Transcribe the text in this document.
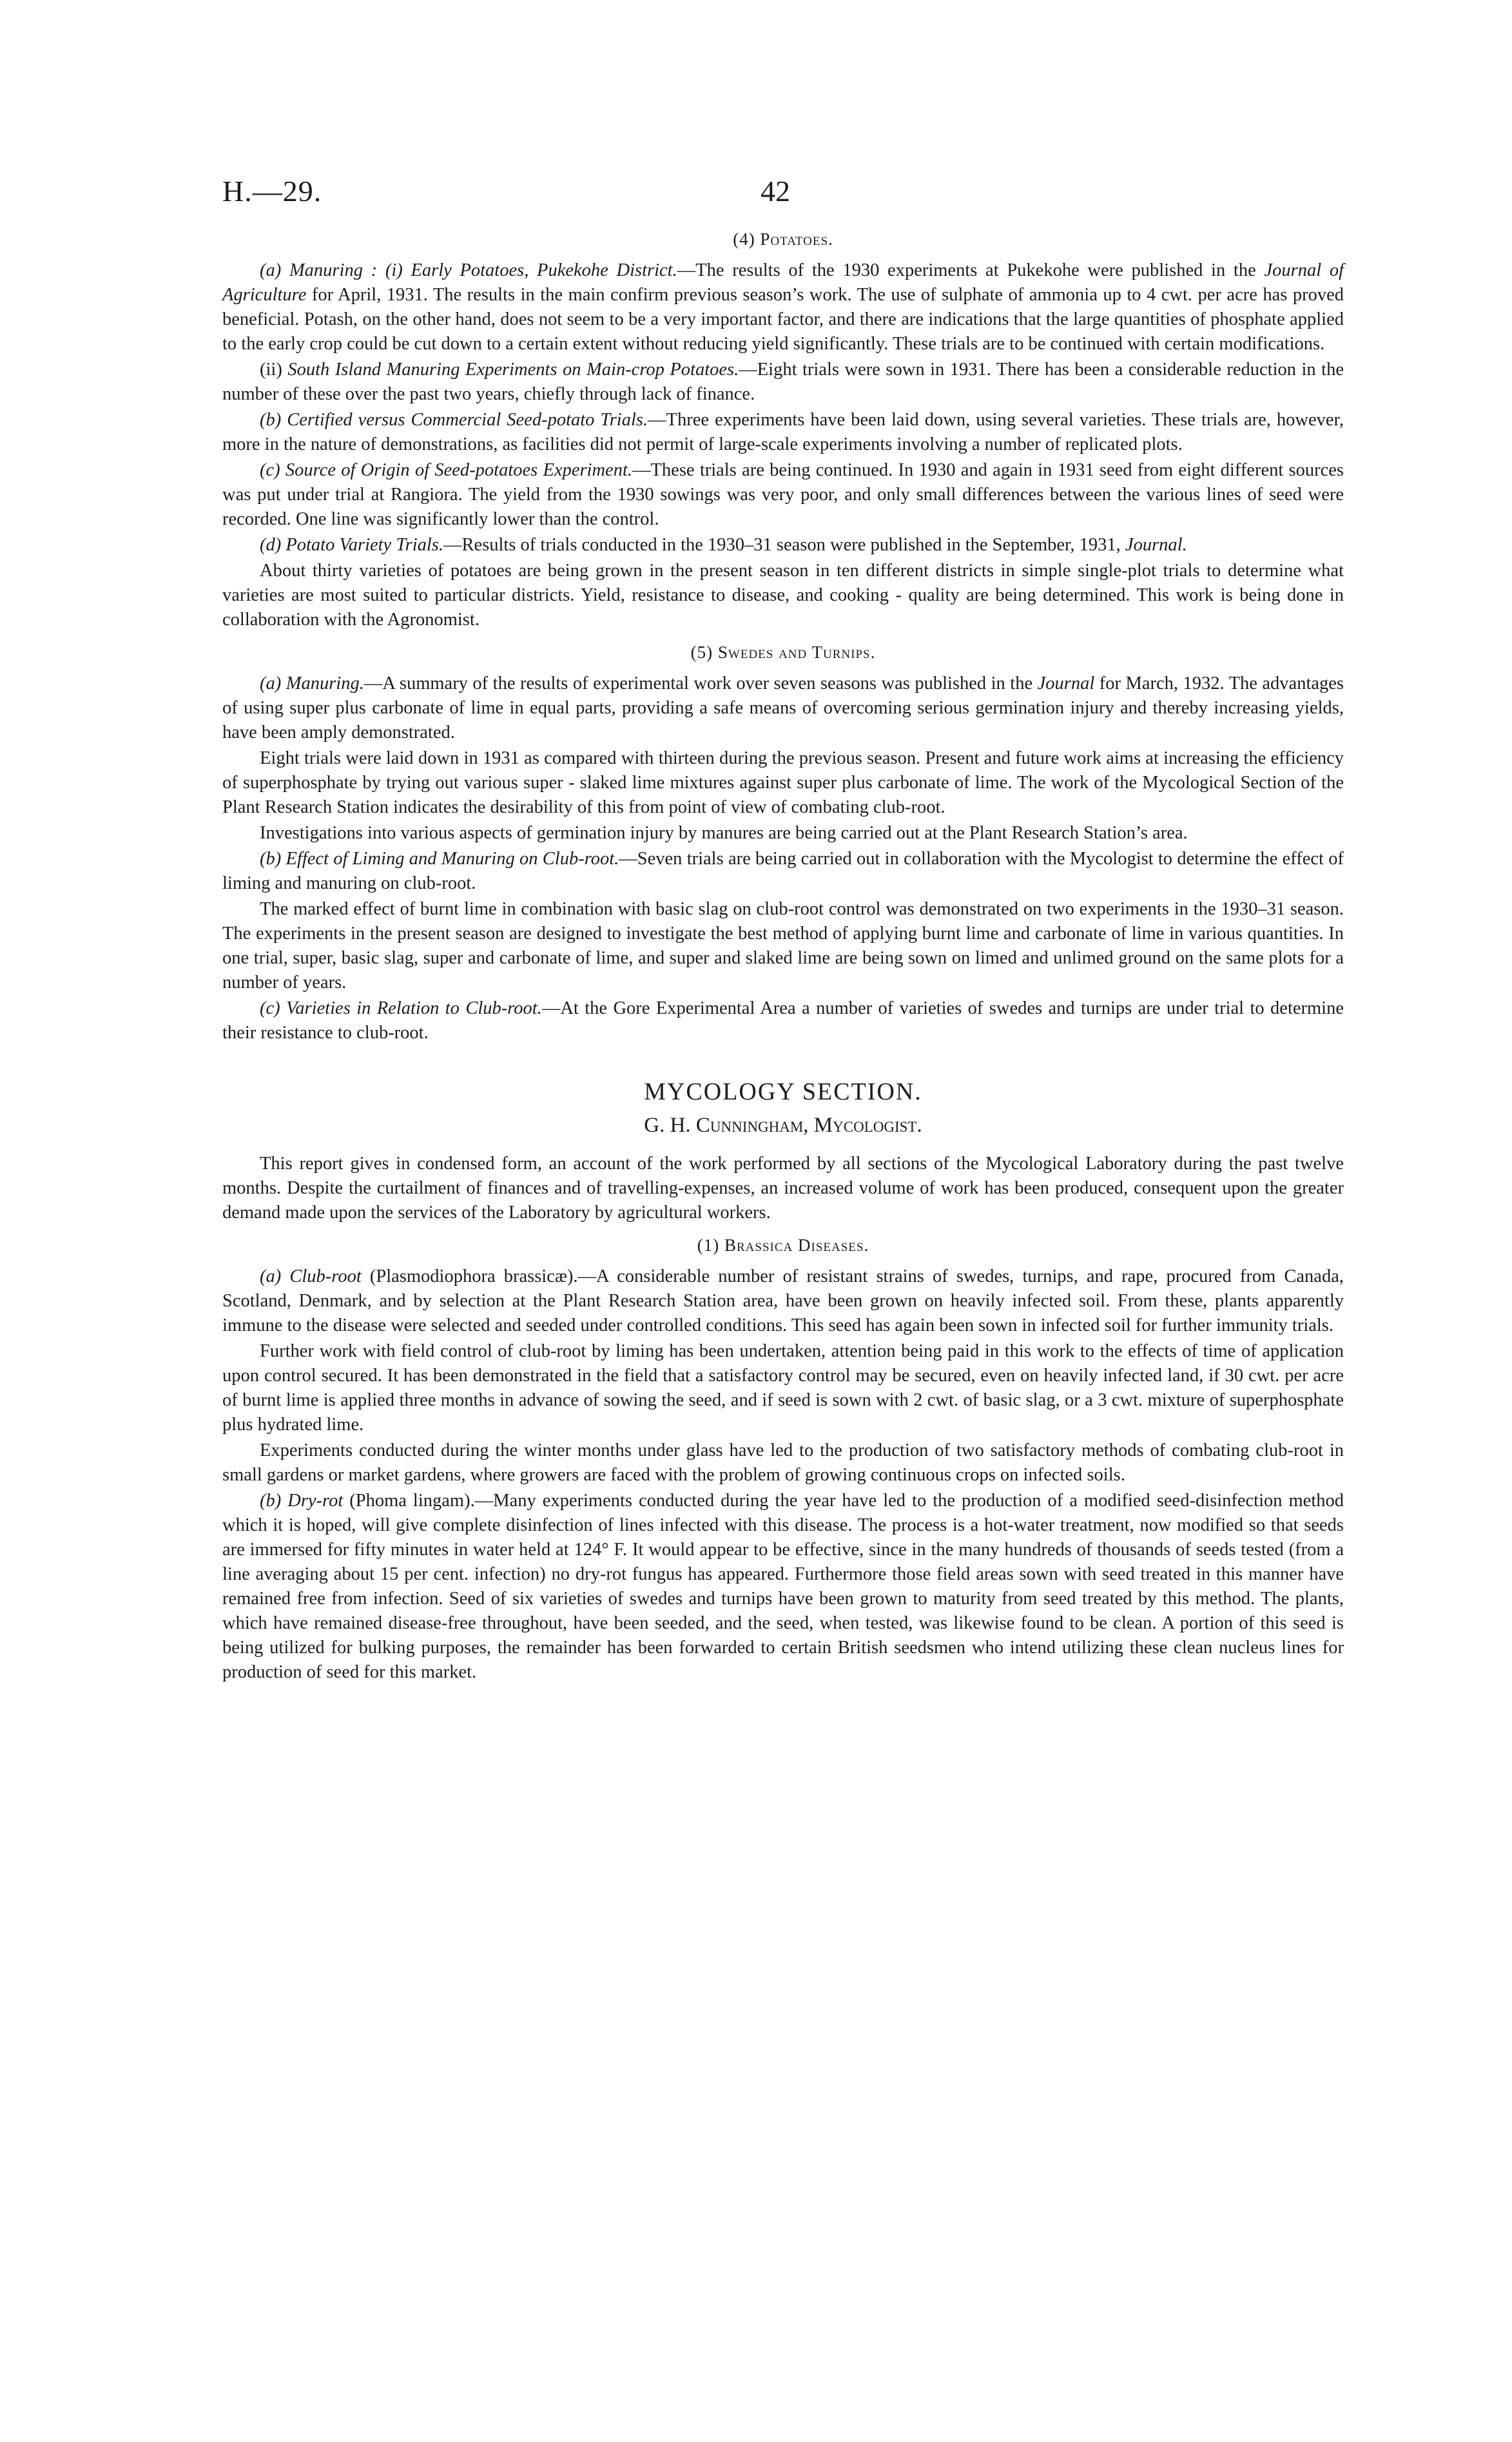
H.—29.	42
(4) Potatoes.

(a) Manuring : (i) Early Potatoes, Pukekohe District.—The results of the 1930 experiments at Pukekohe were published in the Journal of Agriculture for April, 1931. The results in the main confirm previous season’s work. The use of sulphate of ammonia up to 4 cwt. per acre has proved beneficial. Potash, on the other hand, does not seem to be a very important factor, and there are indications that the large quantities of phosphate applied to the early crop could be cut down to a certain extent without reducing yield significantly. These trials are to be continued with certain modifications.

(ii) South Island Manuring Experiments on Main-crop Potatoes.—Eight trials were sown in 1931. There has been a considerable reduction in the number of these over the past two years, chiefly through lack of finance.

(b) Certified versus Commercial Seed-potato Trials.—Three experiments have been laid down, using several varieties. These trials are, however, more in the nature of demonstrations, as facilities did not permit of large-scale experiments involving a number of replicated plots.

(c) Source of Origin of Seed-potatoes Experiment.—These trials are being continued. In 1930 and again in 1931 seed from eight different sources was put under trial at Rangiora. The yield from the 1930 sowings was very poor, and only small differences between the various lines of seed were recorded. One line was significantly lower than the control.

(d) Potato Variety Trials.—Results of trials conducted in the 1930–31 season were published in the September, 1931, Journal.

About thirty varieties of potatoes are being grown in the present season in ten different districts in simple single-plot trials to determine what varieties are most suited to particular districts. Yield, resistance to disease, and cooking - quality are being determined. This work is being done in collaboration with the Agronomist.

(5) Swedes and Turnips.

(a) Manuring.—A summary of the results of experimental work over seven seasons was published in the Journal for March, 1932. The advantages of using super plus carbonate of lime in equal parts, providing a safe means of overcoming serious germination injury and thereby increasing yields, have been amply demonstrated.

Eight trials were laid down in 1931 as compared with thirteen during the previous season. Present and future work aims at increasing the efficiency of superphosphate by trying out various super - slaked lime mixtures against super plus carbonate of lime. The work of the Mycological Section of the Plant Research Station indicates the desirability of this from point of view of combating club-root.

Investigations into various aspects of germination injury by manures are being carried out at the Plant Research Station’s area.

(b) Effect of Liming and Manuring on Club-root.—Seven trials are being carried out in collaboration with the Mycologist to determine the effect of liming and manuring on club-root.

The marked effect of burnt lime in combination with basic slag on club-root control was demonstrated on two experiments in the 1930–31 season. The experiments in the present season are designed to investigate the best method of applying burnt lime and carbonate of lime in various quantities. In one trial, super, basic slag, super and carbonate of lime, and super and slaked lime are being sown on limed and unlimed ground on the same plots for a number of years.

(c) Varieties in Relation to Club-root.—At the Gore Experimental Area a number of varieties of swedes and turnips are under trial to determine their resistance to club-root.

MYCOLOGY SECTION.
G. H. Cunningham, Mycologist.

This report gives in condensed form, an account of the work performed by all sections of the Mycological Laboratory during the past twelve months. Despite the curtailment of finances and of travelling-expenses, an increased volume of work has been produced, consequent upon the greater demand made upon the services of the Laboratory by agricultural workers.

(1) Brassica Diseases.

(a) Club-root (Plasmodiophora brassicæ).—A considerable number of resistant strains of swedes, turnips, and rape, procured from Canada, Scotland, Denmark, and by selection at the Plant Research Station area, have been grown on heavily infected soil. From these, plants apparently immune to the disease were selected and seeded under controlled conditions. This seed has again been sown in infected soil for further immunity trials.

Further work with field control of club-root by liming has been undertaken, attention being paid in this work to the effects of time of application upon control secured. It has been demonstrated in the field that a satisfactory control may be secured, even on heavily infected land, if 30 cwt. per acre of burnt lime is applied three months in advance of sowing the seed, and if seed is sown with 2 cwt. of basic slag, or a 3 cwt. mixture of superphosphate plus hydrated lime.

Experiments conducted during the winter months under glass have led to the production of two satisfactory methods of combating club-root in small gardens or market gardens, where growers are faced with the problem of growing continuous crops on infected soils.

(b) Dry-rot (Phoma lingam).—Many experiments conducted during the year have led to the production of a modified seed-disinfection method which it is hoped, will give complete disinfection of lines infected with this disease. The process is a hot-water treatment, now modified so that seeds are immersed for fifty minutes in water held at 124° F. It would appear to be effective, since in the many hundreds of thousands of seeds tested (from a line averaging about 15 per cent. infection) no dry-rot fungus has appeared. Furthermore those field areas sown with seed treated in this manner have remained free from infection. Seed of six varieties of swedes and turnips have been grown to maturity from seed treated by this method. The plants, which have remained disease-free throughout, have been seeded, and the seed, when tested, was likewise found to be clean. A portion of this seed is being utilized for bulking purposes, the remainder has been forwarded to certain British seedsmen who intend utilizing these clean nucleus lines for production of seed for this market.
